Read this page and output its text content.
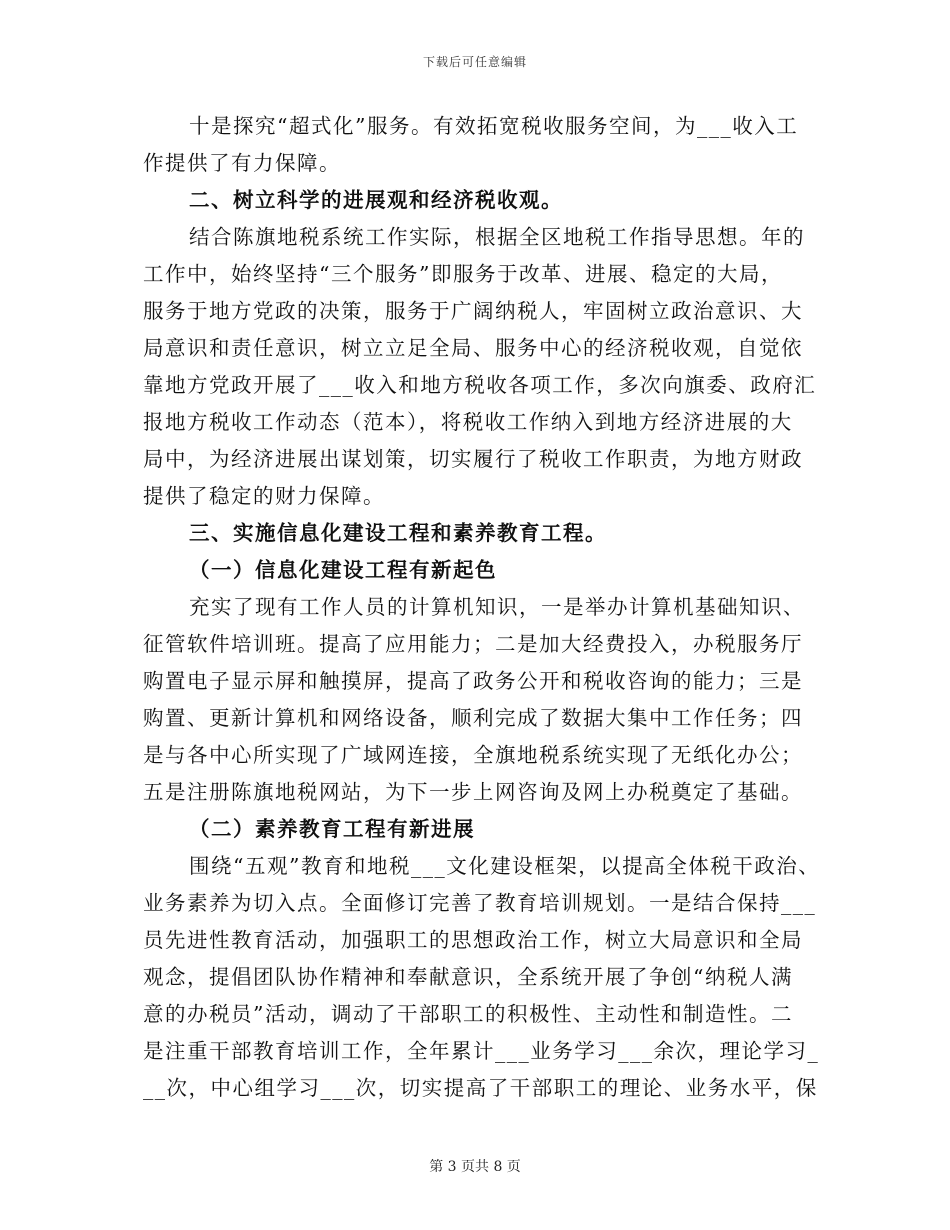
下载后可任意编辑
十是探究“超式化”服务。有效拓宽税收服务空间，为___收入工
作提供了有力保障。
二、树立科学的进展观和经济税收观。
结合陈旗地税系统工作实际，根据全区地税工作指导思想。年的
工作中，始终坚持“三个服务”即服务于改革、进展、稳定的大局，
服务于地方党政的决策，服务于广阔纳税人，牢固树立政治意识、大
局意识和责任意识，树立立足全局、服务中心的经济税收观，自觉依
靠地方党政开展了___收入和地方税收各项工作，多次向旗委、政府汇
报地方税收工作动态（范本），将税收工作纳入到地方经济进展的大
局中，为经济进展出谋划策，切实履行了税收工作职责，为地方财政
提供了稳定的财力保障。
三、实施信息化建设工程和素养教育工程。
（一）信息化建设工程有新起色
充实了现有工作人员的计算机知识，一是举办计算机基础知识、
征管软件培训班。提高了应用能力；二是加大经费投入，办税服务厅
购置电子显示屏和触摸屏，提高了政务公开和税收咨询的能力；三是
购置、更新计算机和网络设备，顺利完成了数据大集中工作任务；四
是与各中心所实现了广域网连接，全旗地税系统实现了无纸化办公；
五是注册陈旗地税网站，为下一步上网咨询及网上办税奠定了基础。
（二）素养教育工程有新进展
围绕“五观”教育和地税___文化建设框架，以提高全体税干政治、
业务素养为切入点。全面修订完善了教育培训规划。一是结合保持___
员先进性教育活动，加强职工的思想政治工作，树立大局意识和全局
观念，提倡团队协作精神和奉献意识，全系统开展了争创“纳税人满
意的办税员”活动，调动了干部职工的积极性、主动性和制造性。二
是注重干部教育培训工作，全年累计___业务学习___余次，理论学习_
__次，中心组学习___次，切实提高了干部职工的理论、业务水平，保
第 3 页共 8 页
